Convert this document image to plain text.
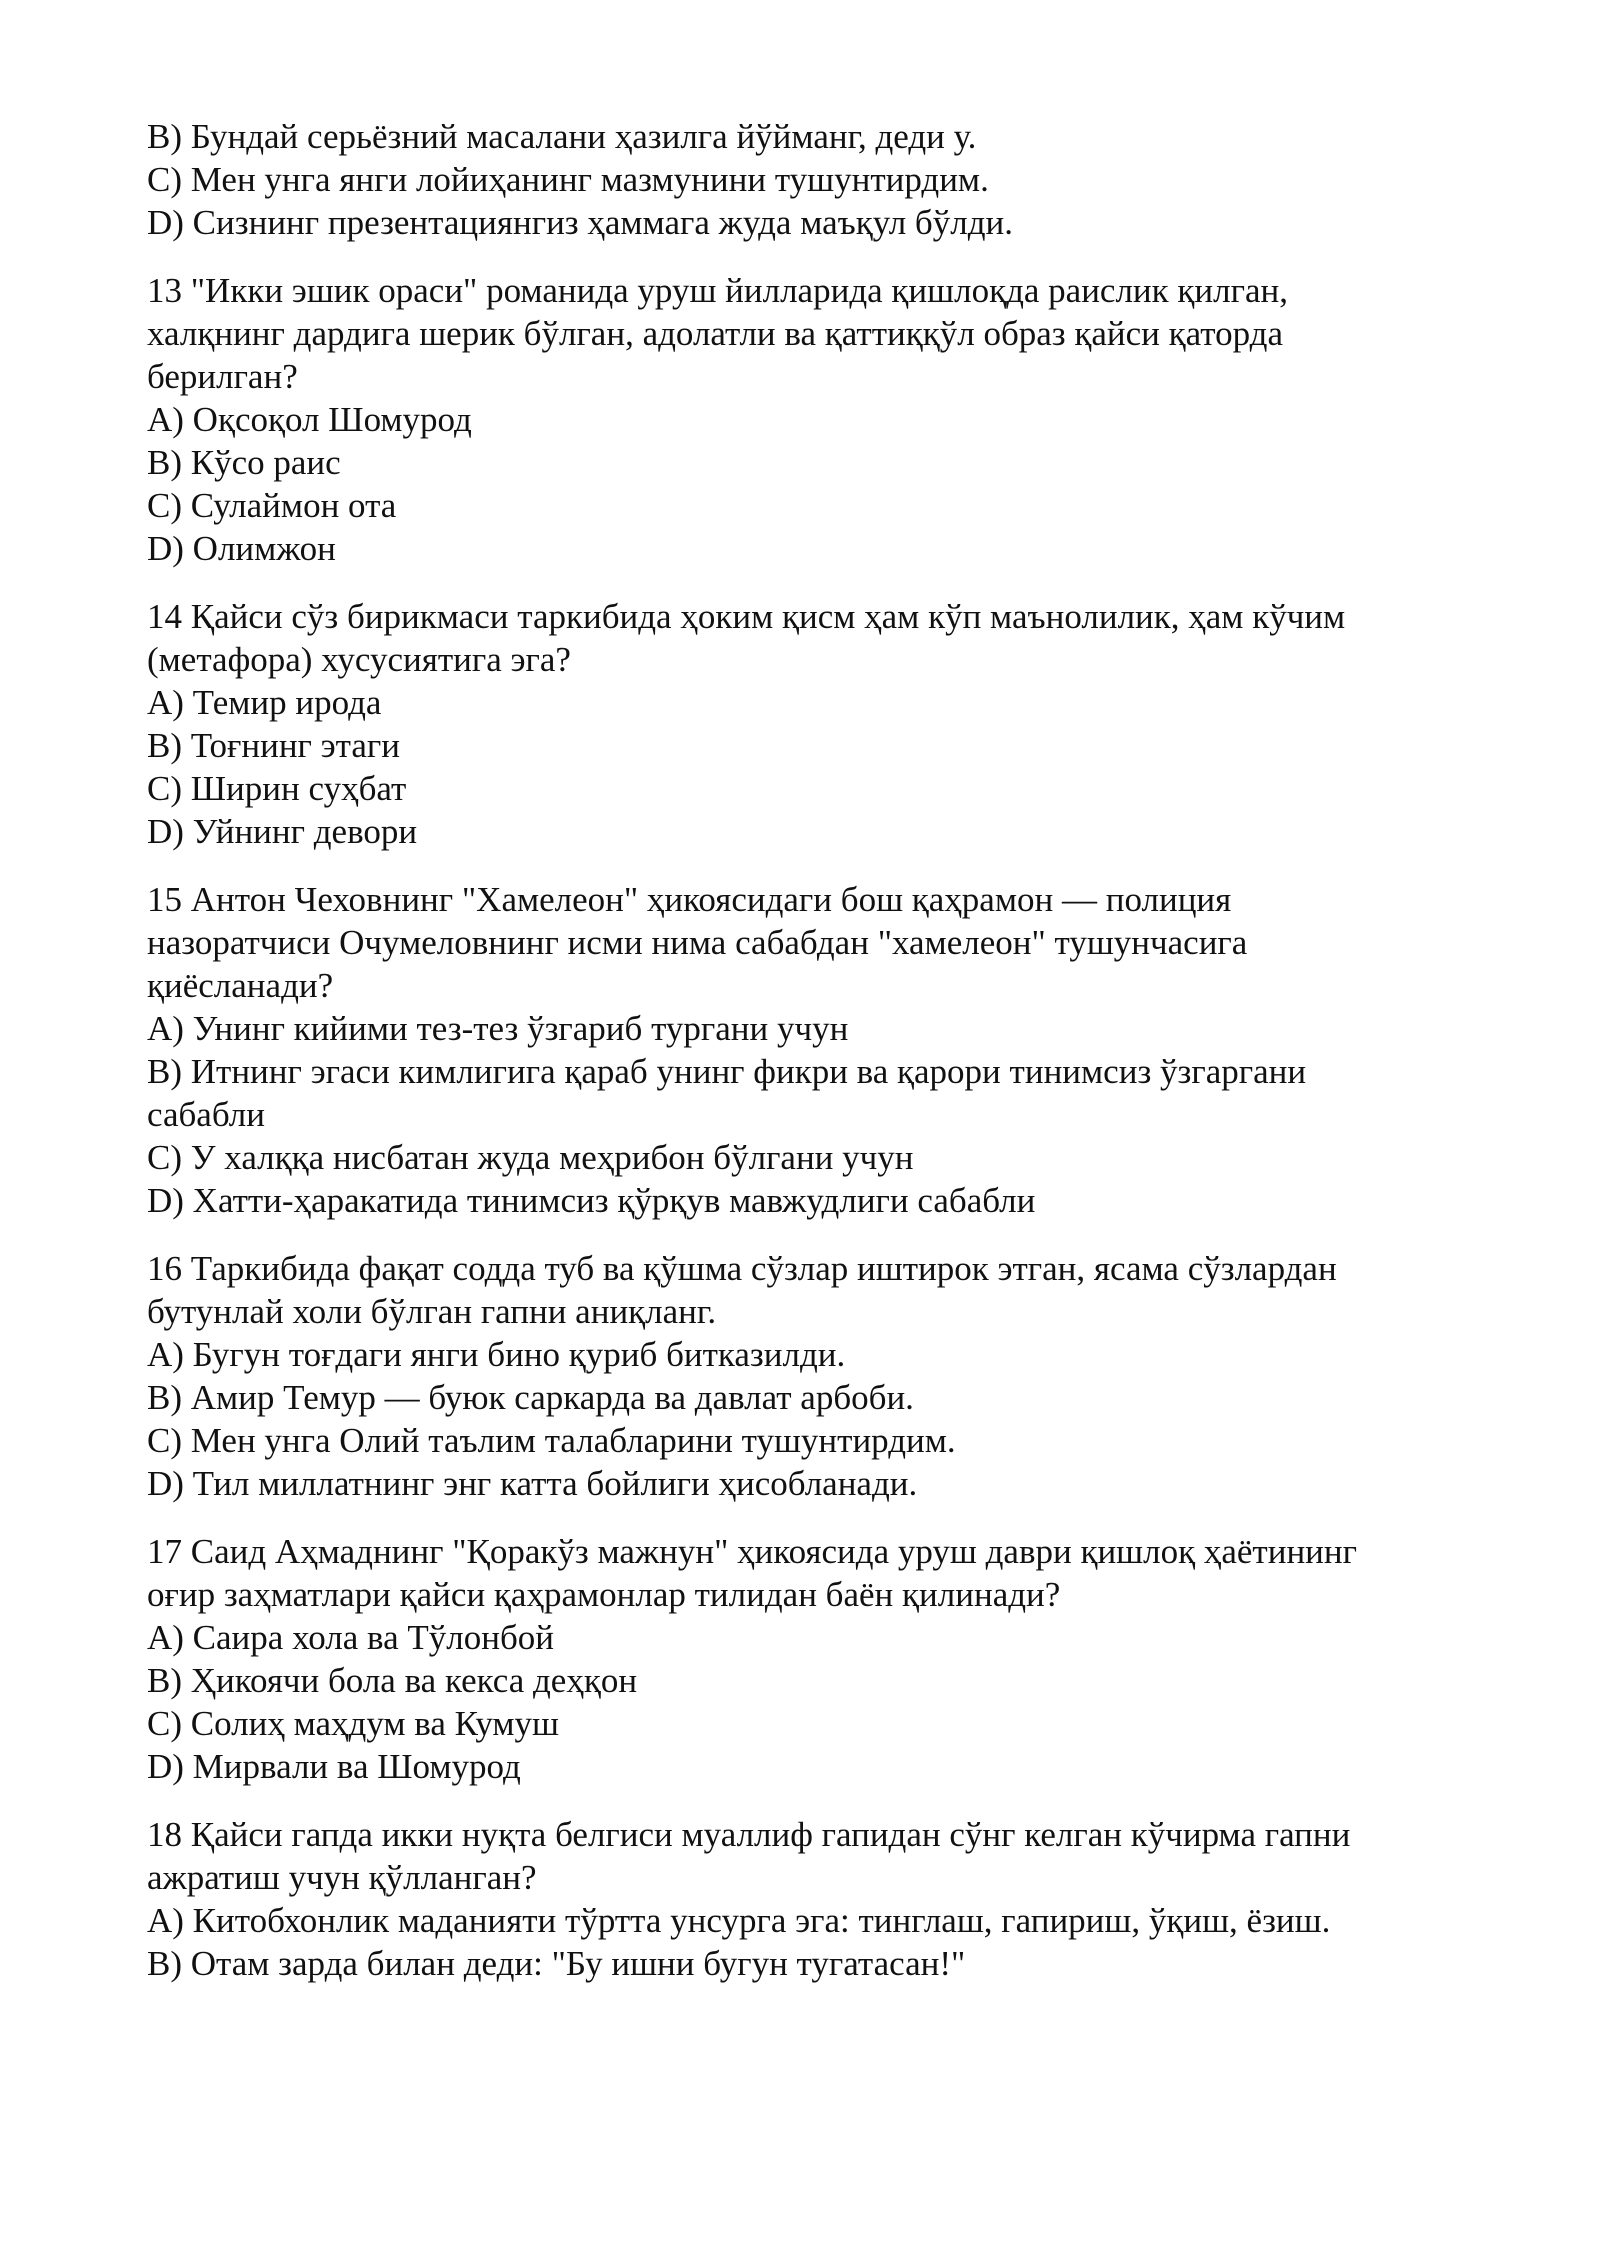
B) Бундай серьёзний масалани ҳазилга йўйманг, деди у.

C) Мен унга янги лойиҳанинг мазмунини тушунтирдим.

D) Сизнинг презентациянгиз ҳаммага жуда маъқул бўлди.

13 "Икки эшик ораси" романида уруш йилларида қишлоқда раислик қилган,

халқнинг дардига шерик бўлган, адолатли ва қаттиққўл образ қайси қаторда

берилган?

A) Оқсоқол Шомурод

B) Кўсо раис

C) Сулаймон ота

D) Олимжон

14 Қайси сўз бирикмаси таркибида ҳоким қисм ҳам кўп маънолилик, ҳам кўчим

(метафора) хусусиятига эга?

A) Темир ирода

B) Тоғнинг этаги

C) Ширин суҳбат

D) Уйнинг девори

15 Антон Чеховнинг "Хамелеон" ҳикоясидаги бош қаҳрамон — полиция

назоратчиси Очумеловнинг исми нима сабабдан "хамелеон" тушунчасига

қиёсланади?

A) Унинг кийими тез-тез ўзгариб тургани учун

B) Итнинг эгаси кимлигига қараб унинг фикри ва қарори тинимсиз ўзгаргани

сабабли

C) У халққа нисбатан жуда меҳрибон бўлгани учун

D) Хатти-ҳаракатида тинимсиз қўрқув мавжудлиги сабабли

16 Таркибида фақат содда туб ва қўшма сўзлар иштирок этган, ясама сўзлардан

бутунлай холи бўлган гапни аниқланг.

A) Бугун тоғдаги янги бино қуриб битказилди.

B) Амир Темур — буюк саркарда ва давлат арбоби.

C) Мен унга Олий таълим талабларини тушунтирдим.

D) Тил миллатнинг энг катта бойлиги ҳисобланади.

17 Саид Аҳмаднинг "Қоракўз мажнун" ҳикоясида уруш даври қишлоқ ҳаётининг

оғир заҳматлари қайси қаҳрамонлар тилидан баён қилинади?

A) Саира хола ва Тўлонбой

B) Ҳикоячи бола ва кекса деҳқон

C) Солиҳ маҳдум ва Кумуш

D) Мирвали ва Шомурод

18 Қайси гапда икки нуқта белгиси муаллиф гапидан сўнг келган кўчирма гапни

ажратиш учун қўлланган?

A) Китобхонлик маданияти тўртта унсурга эга: тинглаш, гапириш, ўқиш, ёзиш.

B) Отам зарда билан деди: "Бу ишни бугун тугатасан!"
